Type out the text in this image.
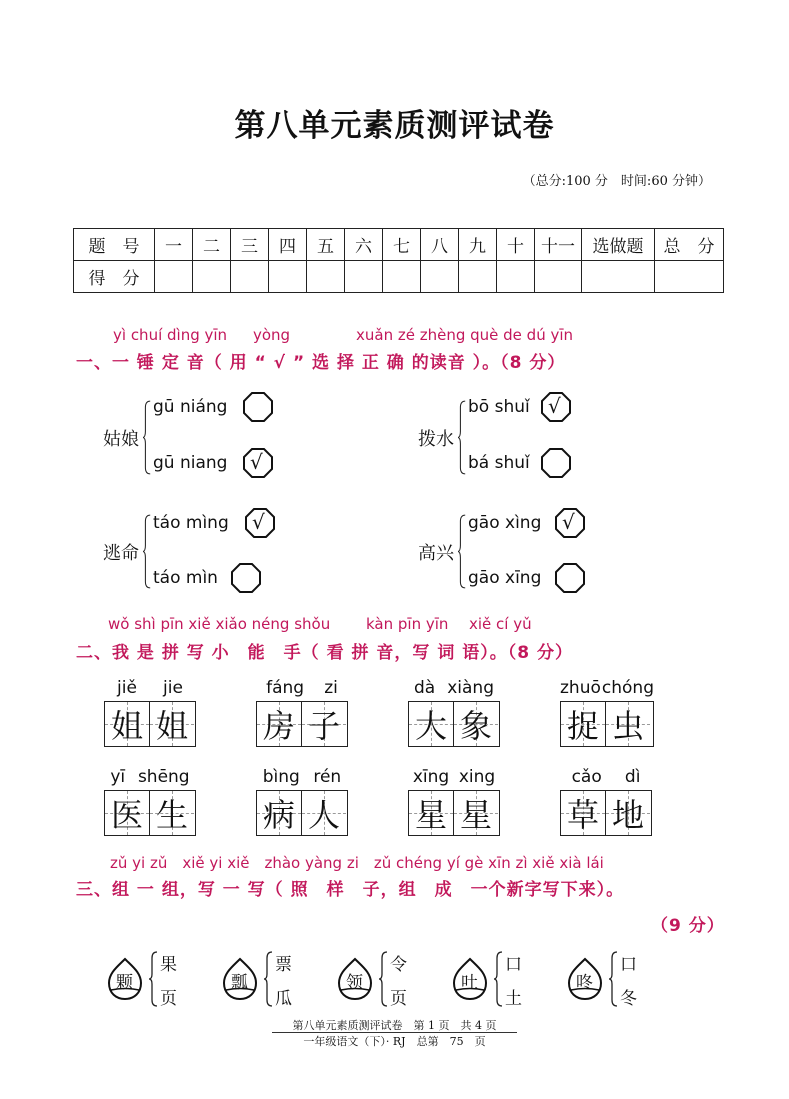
第八单元素质测评试卷
（总分:100 分　时间:60 分钟）
题　号	一	二	三	四	五	六	七	八	九	十	十一	选做题	总　分
得　分													
yì chuí dìng yīn yòng	xuǎn zé zhèng què de dú yīn
一、一 锤 定 音（ 用 “ √ ” 选 择 正 确 的读音 ）。（8 分）
姑娘
gū niáng
gū niang √
拨水
bō shuǐ √
bá shuǐ
逃命
táo mìng √
táo mìn
高兴
gāo xìng √
gāo xīng
wǒ shì pīn xiě xiǎo néng shǒu kàn pīn yīn xiě cí yǔ
二、我 是 拼 写 小　能　手（ 看 拼 音，写 词 语）。（8 分）
jiě jie
姐 姐
fáng zi
房 子
dà xiàng
大 象
zhuō chóng
捉 虫
yī shēng
医 生
bìng rén
病 人
xīng xing
星 星
cǎo dì
草 地
zǔ yi zǔ　xiě yi xiě　zhào yàng zi　zǔ chéng yí gè xīn zì xiě xià lái
三、组 一 组，写 一 写（ 照　样　子，组　成　一个新字写下来）。
（9 分）
颗
果
页
瓢
票
瓜
领
令
页
吐
口
土
咚
口
冬
第八单元素质测评试卷　第 1 页　共 4 页
一年级语文（下）· RJ　总第　75　页
